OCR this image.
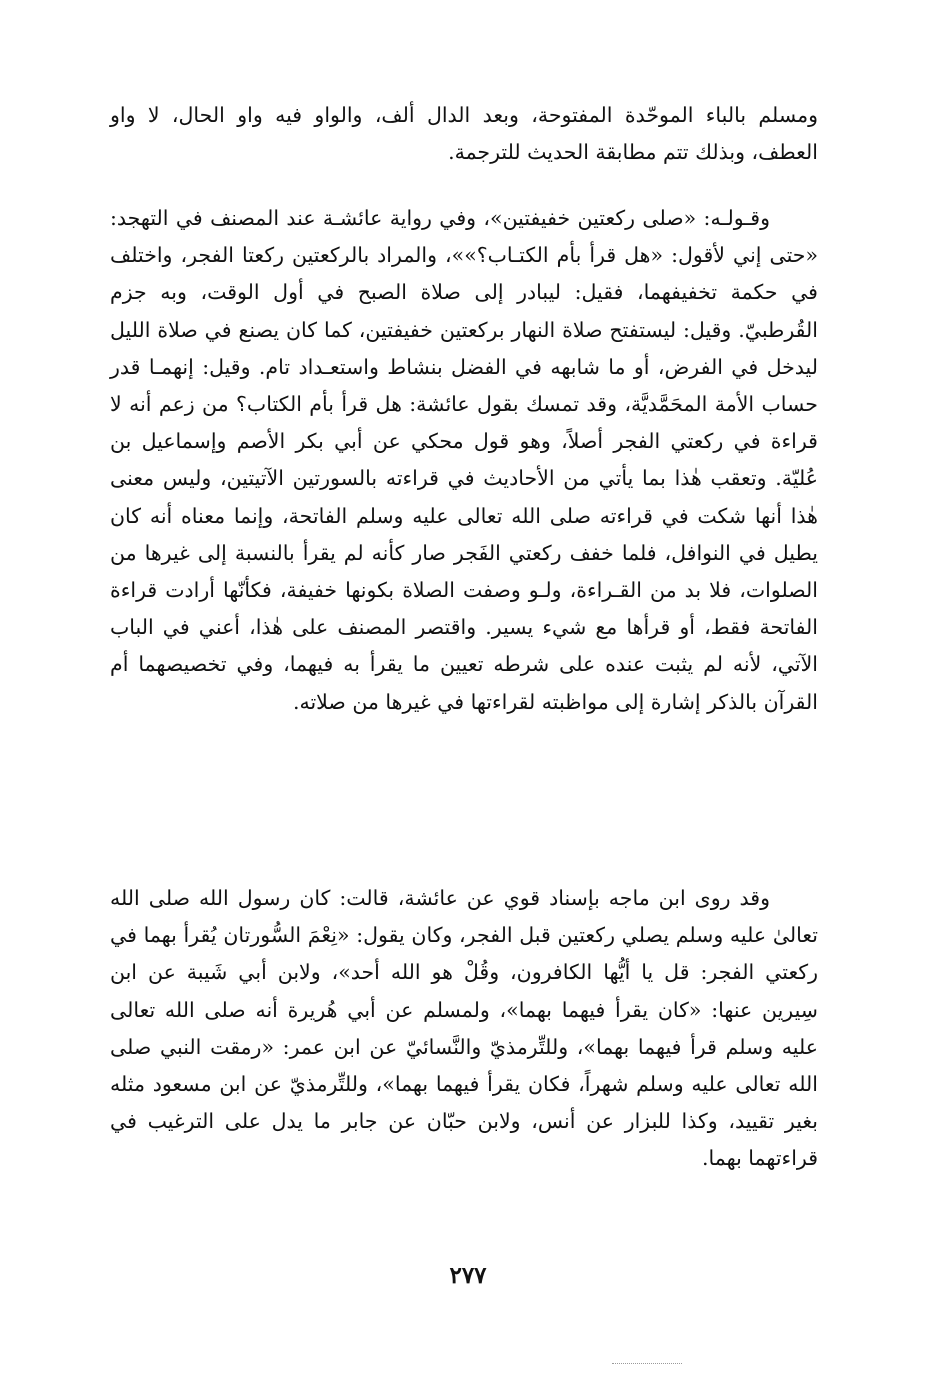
ومسلم بالباء الموحّدة المفتوحة، وبعد الدال ألف، والواو فيه واو الحال، لا واو العطف، وبذلك تتم مطابقة الحديث للترجمة.

وقـولـه: «صلى ركعتين خفيفتين»، وفي رواية عائشـة عند المصنف في التهجد: «حتى إني لأقول: «هل قرأ بأم الكتـاب؟»»، والمراد بالركعتين ركعتا الفجر، واختلف في حكمة تخفيفهما، فقيل: ليبادر إلى صلاة الصبح في أول الوقت، وبه جزم القُرطبيّ. وقيل: ليستفتح صلاة النهار بركعتين خفيفتين، كما كان يصنع في صلاة الليل ليدخل في الفرض، أو ما شابهه في الفضل بنشاط واستعـداد تام. وقيل: إنهمـا قدر حساب الأمة المحَمَّديَّة، وقد تمسك بقول عائشة: هل قرأ بأم الكتاب؟ من زعم أنه لا قراءة في ركعتي الفجر أصلاً، وهو قول محكي عن أبي بكر الأصم وإسماعيل بن عُليّة. وتعقب هٰذا بما يأتي من الأحاديث في قراءته بالسورتين الآتيتين، وليس معنى هٰذا أنها شكت في قراءته صلى الله تعالى عليه وسلم الفاتحة، وإنما معناه أنه كان يطيل في النوافل، فلما خفف ركعتي الفَجر صار كأنه لم يقرأ بالنسبة إلى غيرها من الصلوات، فلا بد من القـراءة، ولـو وصفت الصلاة بكونها خفيفة، فكأنّها أرادت قراءة الفاتحة فقط، أو قرأها مع شيء يسير. واقتصر المصنف على هٰذا، أعني في الباب الآتي، لأنه لم يثبت عنده على شرطه تعيين ما يقرأ به فيهما، وفي تخصيصهما أم القرآن بالذكر إشارة إلى مواظبته لقراءتها في غيرها من صلاته.

وقد روى ابن ماجه بإسناد قوي عن عائشة، قالت: كان رسول الله صلى الله تعالىٰ عليه وسلم يصلي ركعتين قبل الفجر، وكان يقول: «نِعْمَ السُّورتان يُقرأ بهما في ركعتي الفجر: قل يا أيُّها الكافرون، وقُلْ هو الله أحد»، ولابن أبي شَيبة عن ابن سِيرين عنها: «كان يقرأ فيهما بهما»، ولمسلم عن أبي هُريرة أنه صلى الله تعالى عليه وسلم قرأ فيهما بهما»، وللتِّرمذيّ والنَّسائيّ عن ابن عمر: «رمقت النبي صلى الله تعالى عليه وسلم شهراً، فكان يقرأ فيهما بهما»، وللتِّرمذيّ عن ابن مسعود مثله بغير تقييد، وكذا للبزار عن أنس، ولابن حبّان عن جابر ما يدل على الترغيب في قراءتهما بهما.

٢٧٧
